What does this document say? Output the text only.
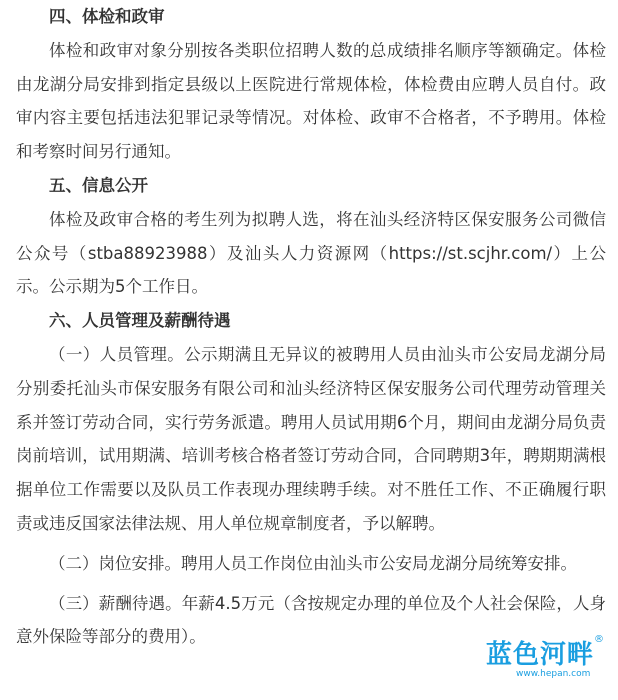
四、体检和政审

体检和政审对象分别按各类职位招聘人数的总成绩排名顺序等额确定。体检由龙湖分局安排到指定县级以上医院进行常规体检，体检费由应聘人员自付。政审内容主要包括违法犯罪记录等情况。对体检、政审不合格者，不予聘用。体检和考察时间另行通知。

五、信息公开

体检及政审合格的考生列为拟聘人选，将在汕头经济特区保安服务公司微信公众号（stba88923988）及汕头人力资源网（https://st.scjhr.com/）上公示。公示期为5个工作日。

六、人员管理及薪酬待遇

（一）人员管理。公示期满且无异议的被聘用人员由汕头市公安局龙湖分局分别委托汕头市保安服务有限公司和汕头经济特区保安服务公司代理劳动管理关系并签订劳动合同，实行劳务派遣。聘用人员试用期6个月，期间由龙湖分局负责岗前培训，试用期满、培训考核合格者签订劳动合同，合同聘期3年，聘期期满根据单位工作需要以及队员工作表现办理续聘手续。对不胜任工作、不正确履行职责或违反国家法律法规、用人单位规章制度者，予以解聘。

（二）岗位安排。聘用人员工作岗位由汕头市公安局龙湖分局统筹安排。

（三）薪酬待遇。年薪4.5万元（含按规定办理的单位及个人社会保险，人身意外保险等部分的费用）。

蓝色河畔
®
www.hepan.com
